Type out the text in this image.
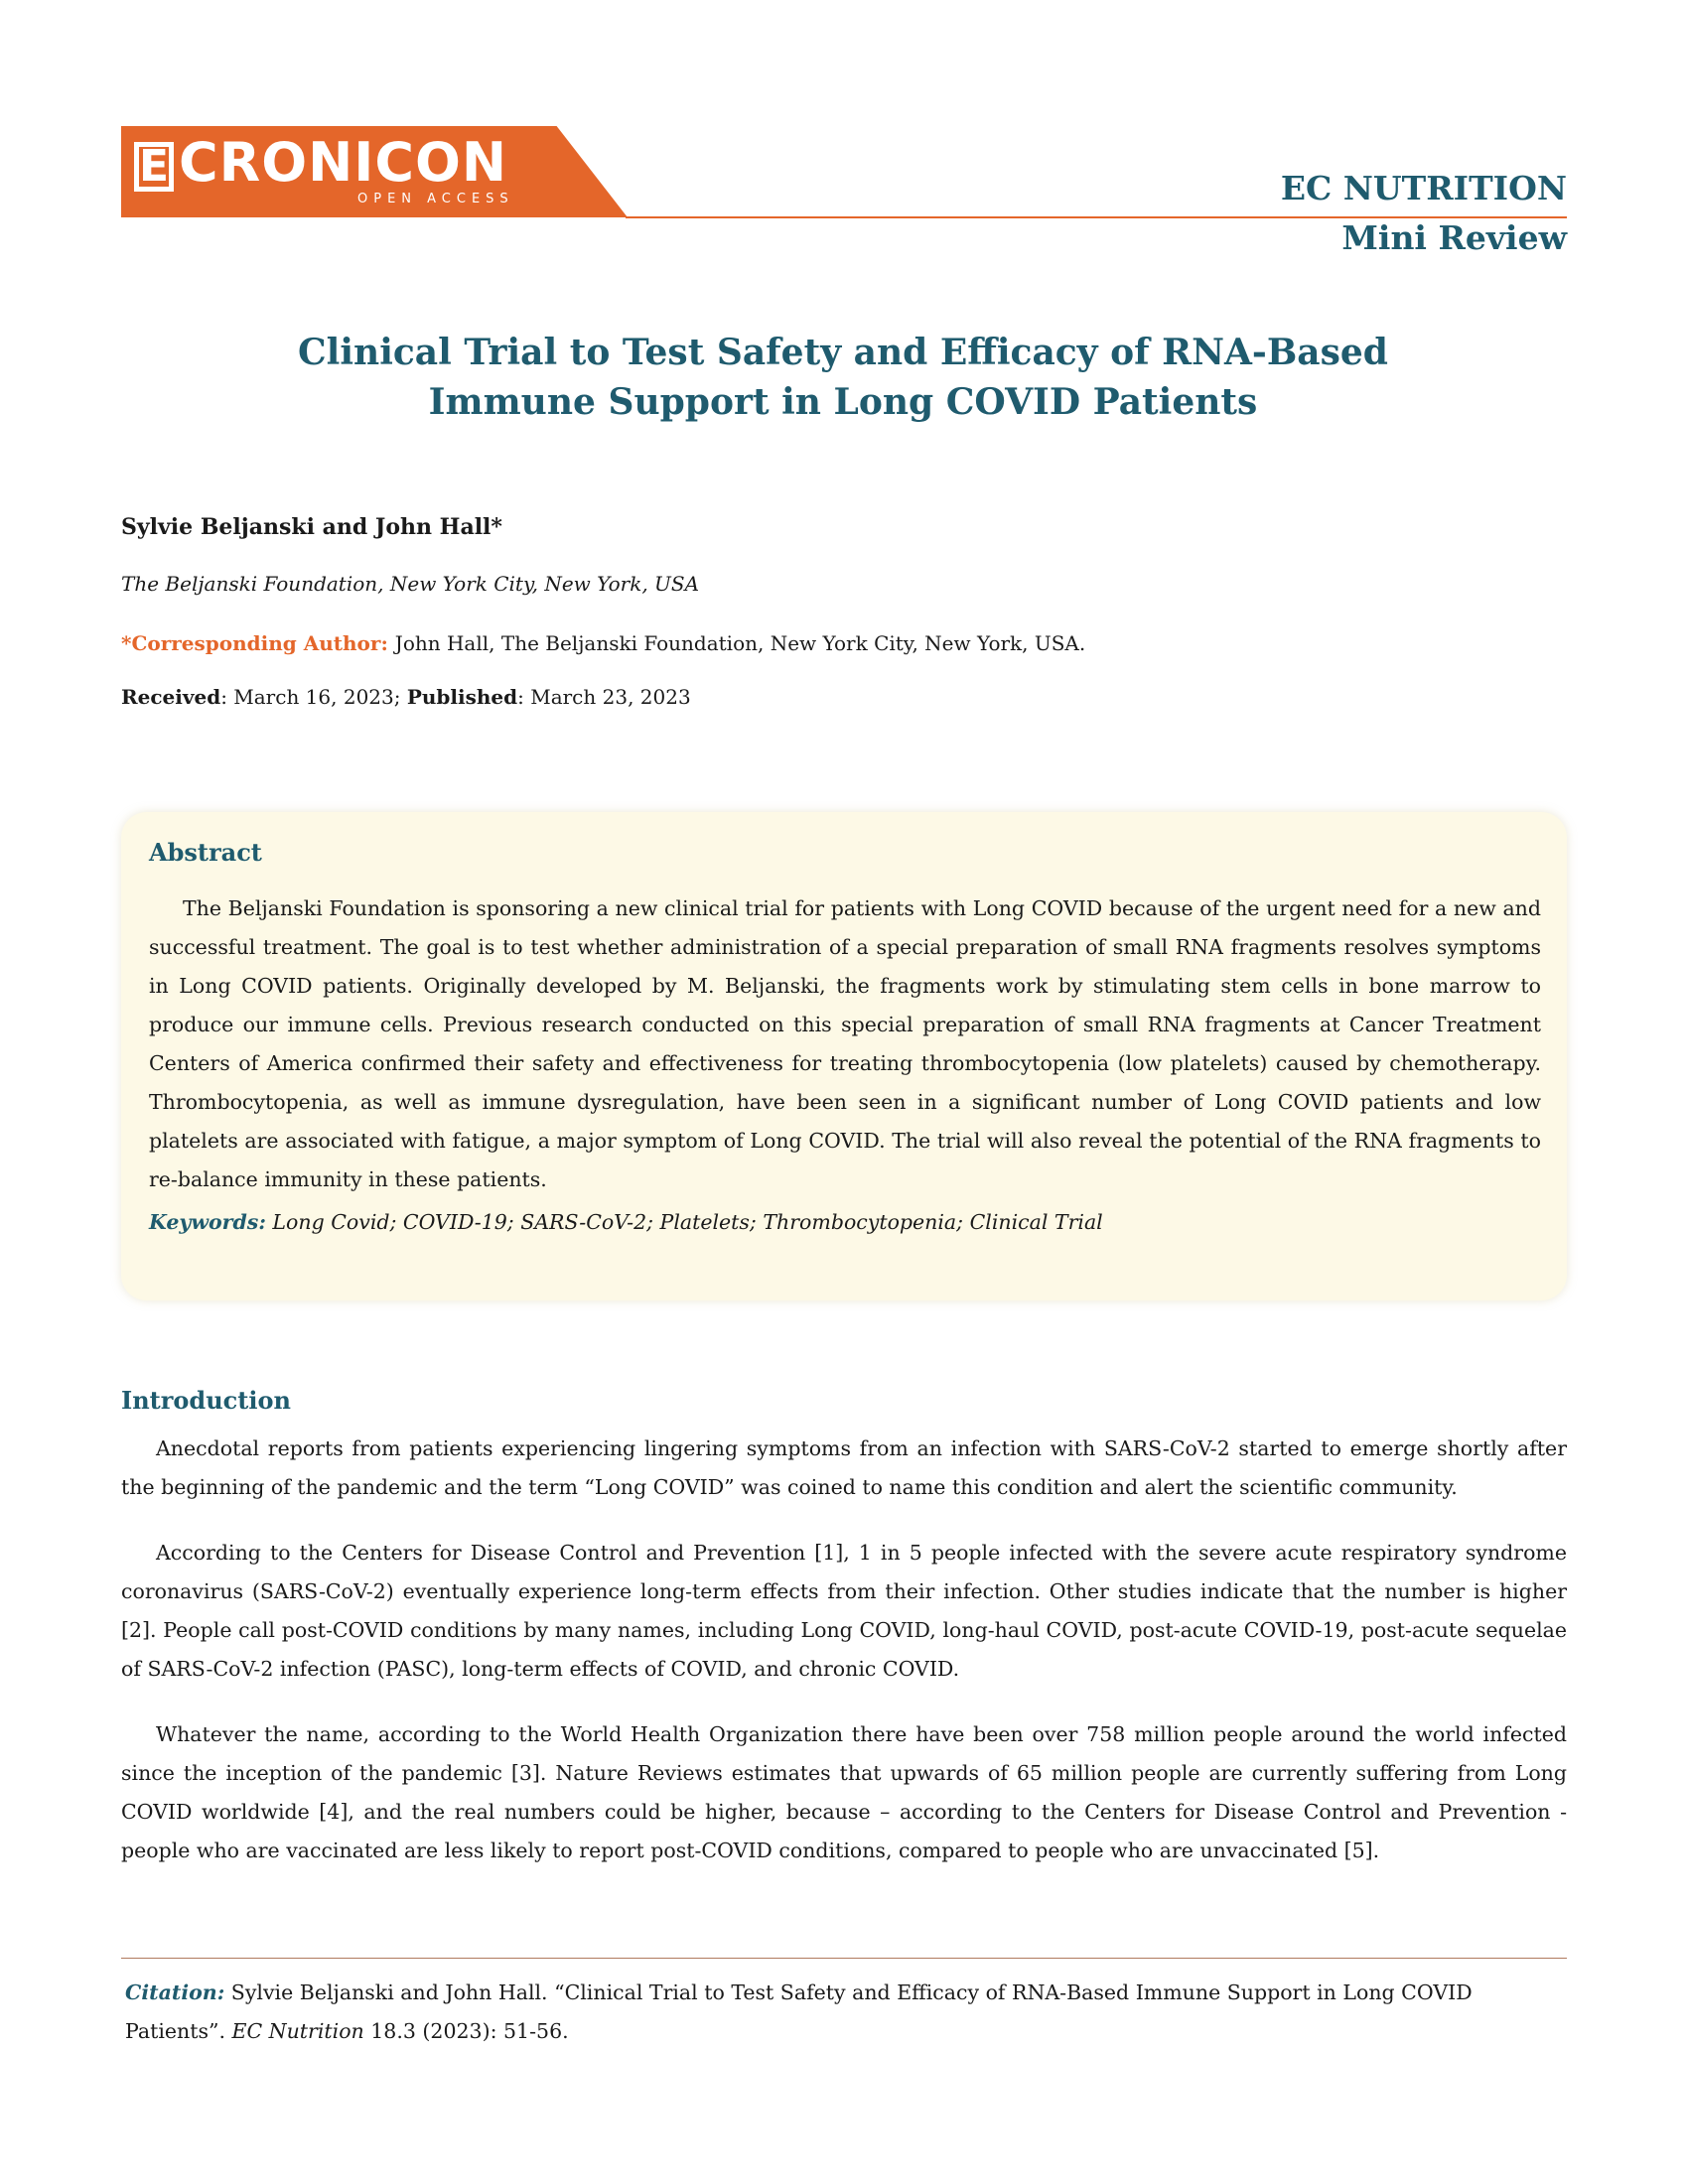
E CRONICON
OPEN ACCESS	EC NUTRITION
Mini Review
Clinical Trial to Test Safety and Efficacy of RNA-Based
Immune Support in Long COVID Patients
Sylvie Beljanski and John Hall*
The Beljanski Foundation, New York City, New York, USA
*Corresponding Author: John Hall, The Beljanski Foundation, New York City, New York, USA.
Received: March 16, 2023; Published: March 23, 2023
Abstract
The Beljanski Foundation is sponsoring a new clinical trial for patients with Long COVID because of the urgent need for a new and successful treatment. The goal is to test whether administration of a special preparation of small RNA fragments resolves symptoms in Long COVID patients. Originally developed by M. Beljanski, the fragments work by stimulating stem cells in bone marrow to produce our immune cells. Previous research conducted on this special preparation of small RNA fragments at Cancer Treatment Centers of America confirmed their safety and effectiveness for treating thrombocytopenia (low platelets) caused by chemotherapy. Thrombocytopenia, as well as immune dysregulation, have been seen in a significant number of Long COVID patients and low platelets are associated with fatigue, a major symptom of Long COVID. The trial will also reveal the potential of the RNA fragments to re-balance immunity in these patients.
Keywords: Long Covid; COVID-19; SARS-CoV-2; Platelets; Thrombocytopenia; Clinical Trial
Introduction
Anecdotal reports from patients experiencing lingering symptoms from an infection with SARS-CoV-2 started to emerge shortly after the beginning of the pandemic and the term “Long COVID” was coined to name this condition and alert the scientific community.
According to the Centers for Disease Control and Prevention [1], 1 in 5 people infected with the severe acute respiratory syndrome coronavirus (SARS-CoV-2) eventually experience long-term effects from their infection. Other studies indicate that the number is higher [2]. People call post-COVID conditions by many names, including Long COVID, long-haul COVID, post-acute COVID-19, post-acute sequelae of SARS-CoV-2 infection (PASC), long-term effects of COVID, and chronic COVID.
Whatever the name, according to the World Health Organization there have been over 758 million people around the world infected since the inception of the pandemic [3]. Nature Reviews estimates that upwards of 65 million people are currently suffering from Long COVID worldwide [4], and the real numbers could be higher, because – according to the Centers for Disease Control and Prevention - people who are vaccinated are less likely to report post-COVID conditions, compared to people who are unvaccinated [5].
Citation: Sylvie Beljanski and John Hall. “Clinical Trial to Test Safety and Efficacy of RNA-Based Immune Support in Long COVID Patients”. EC Nutrition 18.3 (2023): 51-56.
